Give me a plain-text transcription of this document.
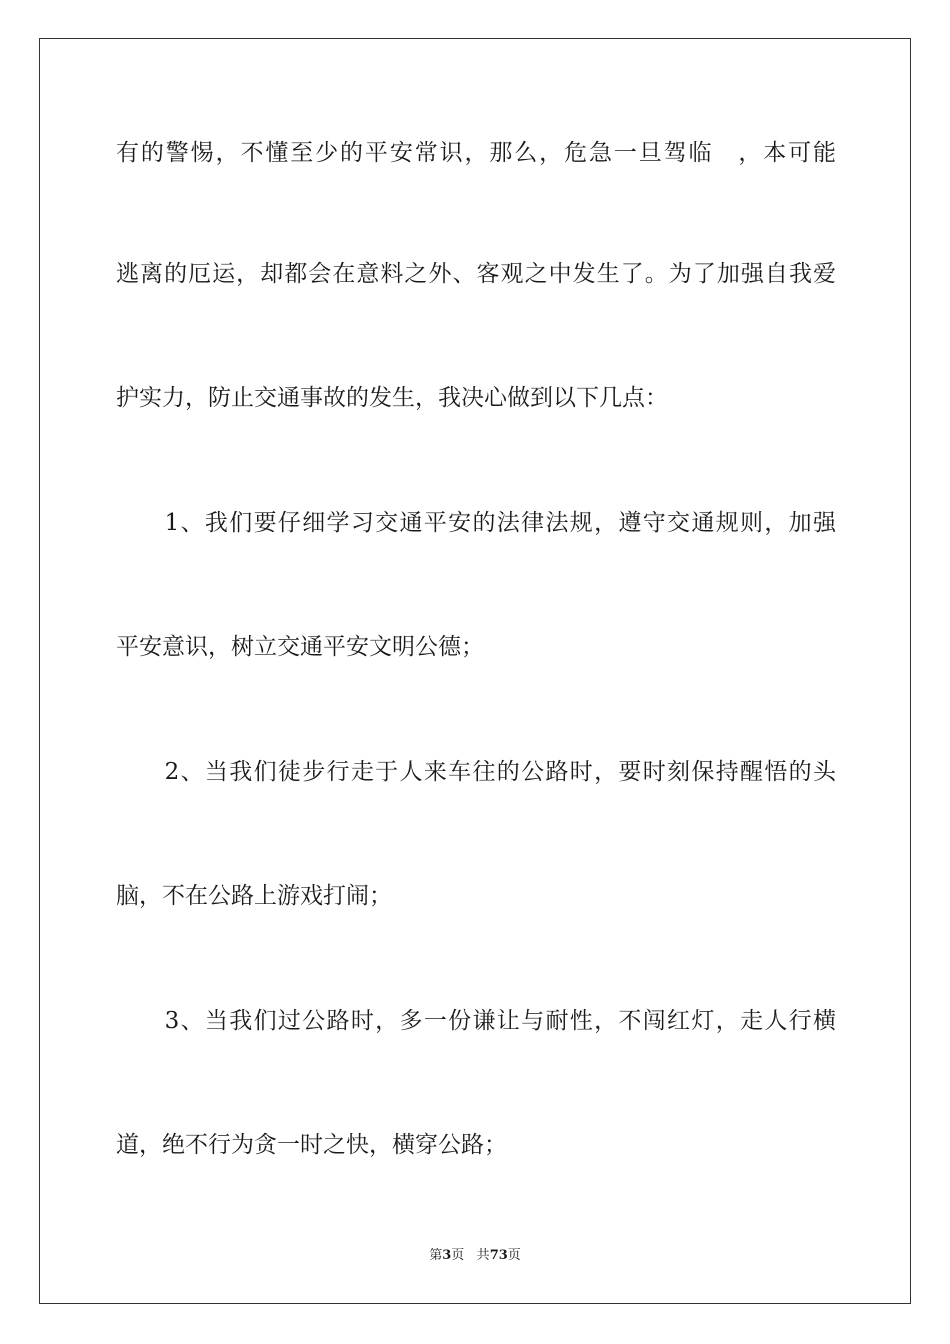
有的警惕，不懂至少的平安常识，那么，危急一旦驾临　，本可能
逃离的厄运，却都会在意料之外、客观之中发生了。为了加强自我爱
护实力，防止交通事故的发生，我决心做到以下几点：
　　1、我们要仔细学习交通平安的法律法规，遵守交通规则，加强
平安意识，树立交通平安文明公德；
　　2、当我们徒步行走于人来车往的公路时，要时刻保持醒悟的头
脑，不在公路上游戏打闹；
　　3、当我们过公路时，多一份谦让与耐性，不闯红灯，走人行横
道，绝不行为贪一时之快，横穿公路；
第3页 共73页
